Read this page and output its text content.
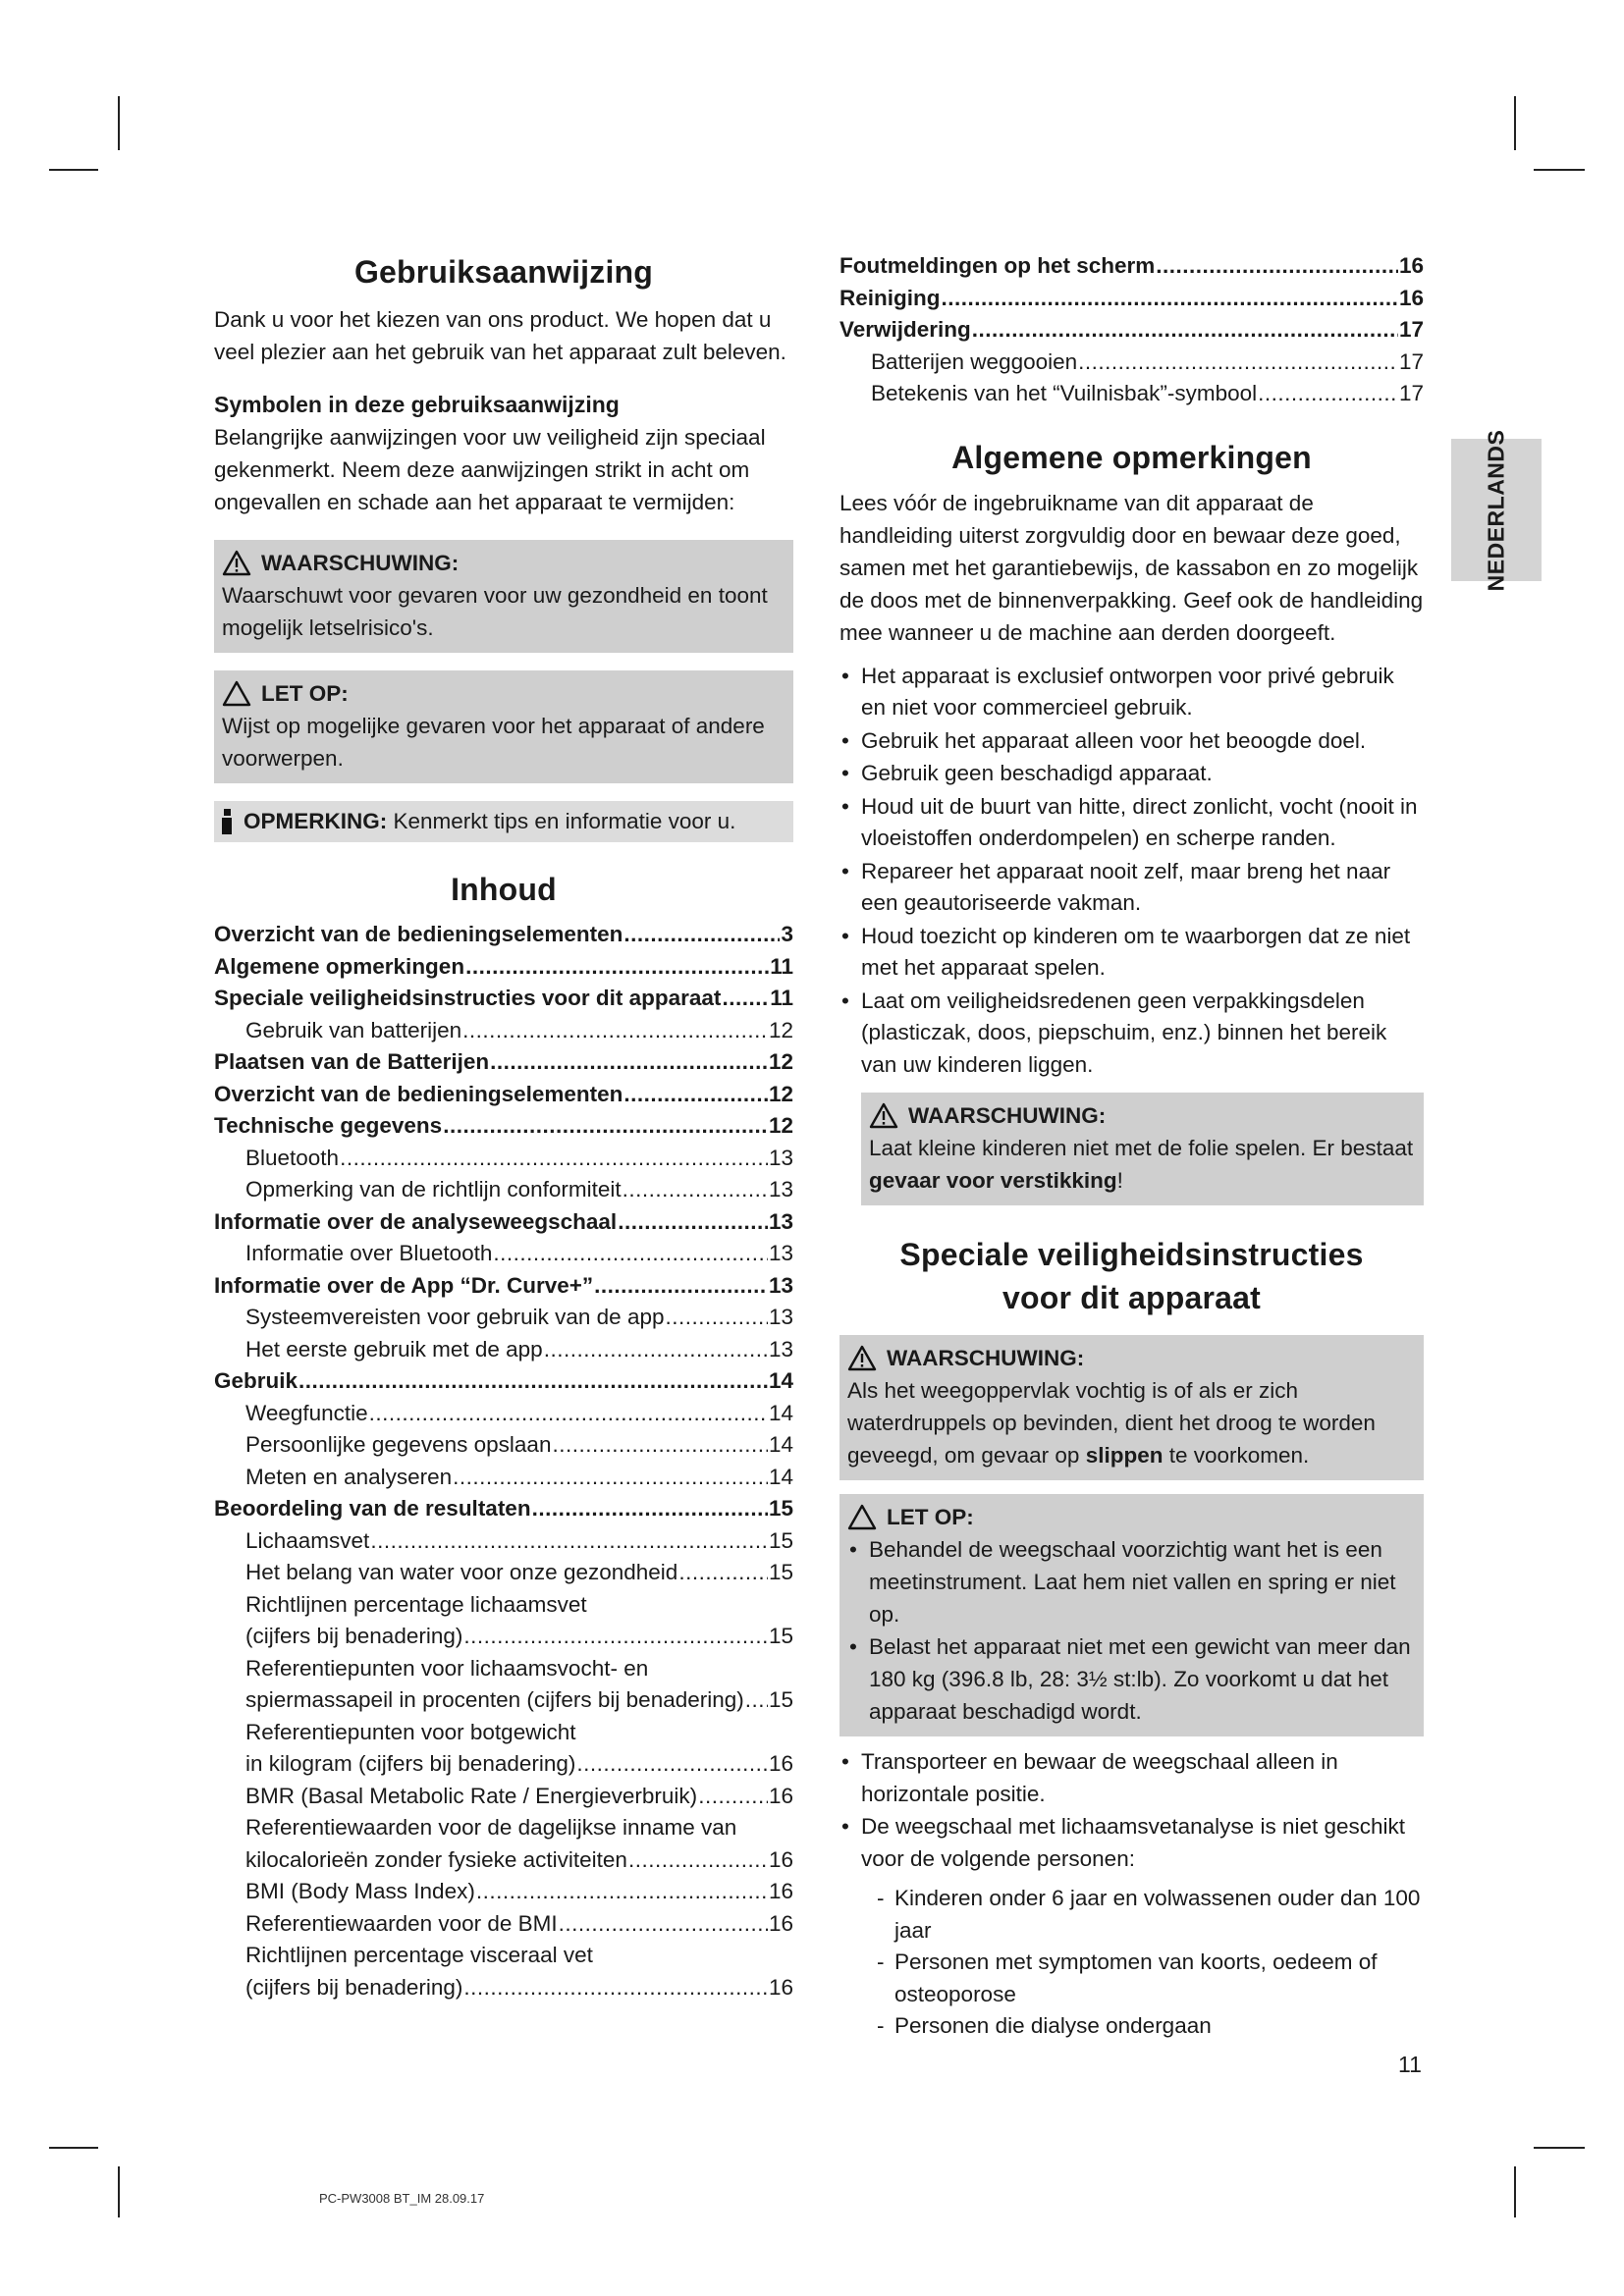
NEDERLANDS
Gebruiksaanwijzing

Dank u voor het kiezen van ons product. We hopen dat u veel plezier aan het gebruik van het apparaat zult beleven.

Symbolen in deze gebruiksaanwijzing

Belangrijke aanwijzingen voor uw veiligheid zijn speciaal gekenmerkt. Neem deze aanwijzingen strikt in acht om ongevallen en schade aan het apparaat te vermijden:

WAARSCHUWING:
Waarschuwt voor gevaren voor uw gezondheid en toont mogelijk letselrisico's.
LET OP:
Wijst op mogelijke gevaren voor het apparaat of andere voorwerpen.
OPMERKING: Kenmerkt tips en informatie voor u.
Inhoud
Overzicht van de bedieningselementen .....	3
Algemene opmerkingen .....	11
Speciale veiligheidsinstructies voor dit apparaat ..... 11
Gebruik van batterijen .....	12
Plaatsen van de Batterijen .....	12
Overzicht van de bedieningselementen .....	12
Technische gegevens .....	12
Bluetooth .....	13
Opmerking van de richtlijn conformiteit .....	13
Informatie over de analyseweegschaal .....	13
Informatie over Bluetooth .....	13
Informatie over de App “Dr. Curve+” .....	13
Systeemvereisten voor gebruik van de app .....	13
Het eerste gebruik met de app .....	13
Gebruik .....	14
Weegfunctie .....	14
Persoonlijke gegevens opslaan .....	14
Meten en analyseren .....	14
Beoordeling van de resultaten .....	15
Lichaamsvet .....	15
Het belang van water voor onze gezondheid .....	15
Richtlijnen percentage lichaamsvet
(cijfers bij benadering) .....	15
Referentiepunten voor lichaamsvocht- en
spiermassapeil in procenten (cijfers bij benadering) ..... 15
Referentiepunten voor botgewicht
in kilogram (cijfers bij benadering) .....	16
BMR (Basal Metabolic Rate / Energieverbruik) .....	16
Referentiewaarden voor de dagelijkse inname van
kilocalorieën zonder fysieke activiteiten .....	16
BMI (Body Mass Index) .....	16
Referentiewaarden voor de BMI .....	16
Richtlijnen percentage visceraal vet
(cijfers bij benadering) .....	16
Foutmeldingen op het scherm .....	16
Reiniging .....	16
Verwijdering .....	17
Batterijen weggooien .....	17
Betekenis van het “Vuilnisbak”-symbool .....	17
Algemene opmerkingen

Lees vóór de ingebruikname van dit apparaat de handleiding uiterst zorgvuldig door en bewaar deze goed, samen met het garantiebewijs, de kassabon en zo mogelijk de doos met de binnenverpakking. Geef ook de handleiding mee wanneer u de machine aan derden doorgeeft.

• Het apparaat is exclusief ontworpen voor privé gebruik en niet voor commercieel gebruik.
• Gebruik het apparaat alleen voor het beoogde doel.
• Gebruik geen beschadigd apparaat.
• Houd uit de buurt van hitte, direct zonlicht, vocht (nooit in vloeistoffen onderdompelen) en scherpe randen.
• Repareer het apparaat nooit zelf, maar breng het naar een geautoriseerde vakman.
• Houd toezicht op kinderen om te waarborgen dat ze niet met het apparaat spelen.
• Laat om veiligheidsredenen geen verpakkingsdelen (plasticzak, doos, piepschuim, enz.) binnen het bereik van uw kinderen liggen.
WAARSCHUWING:
Laat kleine kinderen niet met de folie spelen. Er bestaat gevaar voor verstikking!
Speciale veiligheidsinstructies
voor dit apparaat
WAARSCHUWING:
Als het weegoppervlak vochtig is of als er zich waterdruppels op bevinden, dient het droog te worden geveegd, om gevaar op slippen te voorkomen.
LET OP:
• Behandel de weegschaal voorzichtig want het is een meetinstrument. Laat hem niet vallen en spring er niet op.
• Belast het apparaat niet met een gewicht van meer dan 180 kg (396.8 lb, 28: 3½ st:lb). Zo voorkomt u dat het apparaat beschadigd wordt.
• Transporteer en bewaar de weegschaal alleen in horizontale positie.
• De weegschaal met lichaamsvetanalyse is niet geschikt voor de volgende personen:
- Kinderen onder 6 jaar en volwassenen ouder dan 100 jaar
- Personen met symptomen van koorts, oedeem of osteoporose
- Personen die dialyse ondergaan
11
PC-PW3008 BT_IM 28.09.17
